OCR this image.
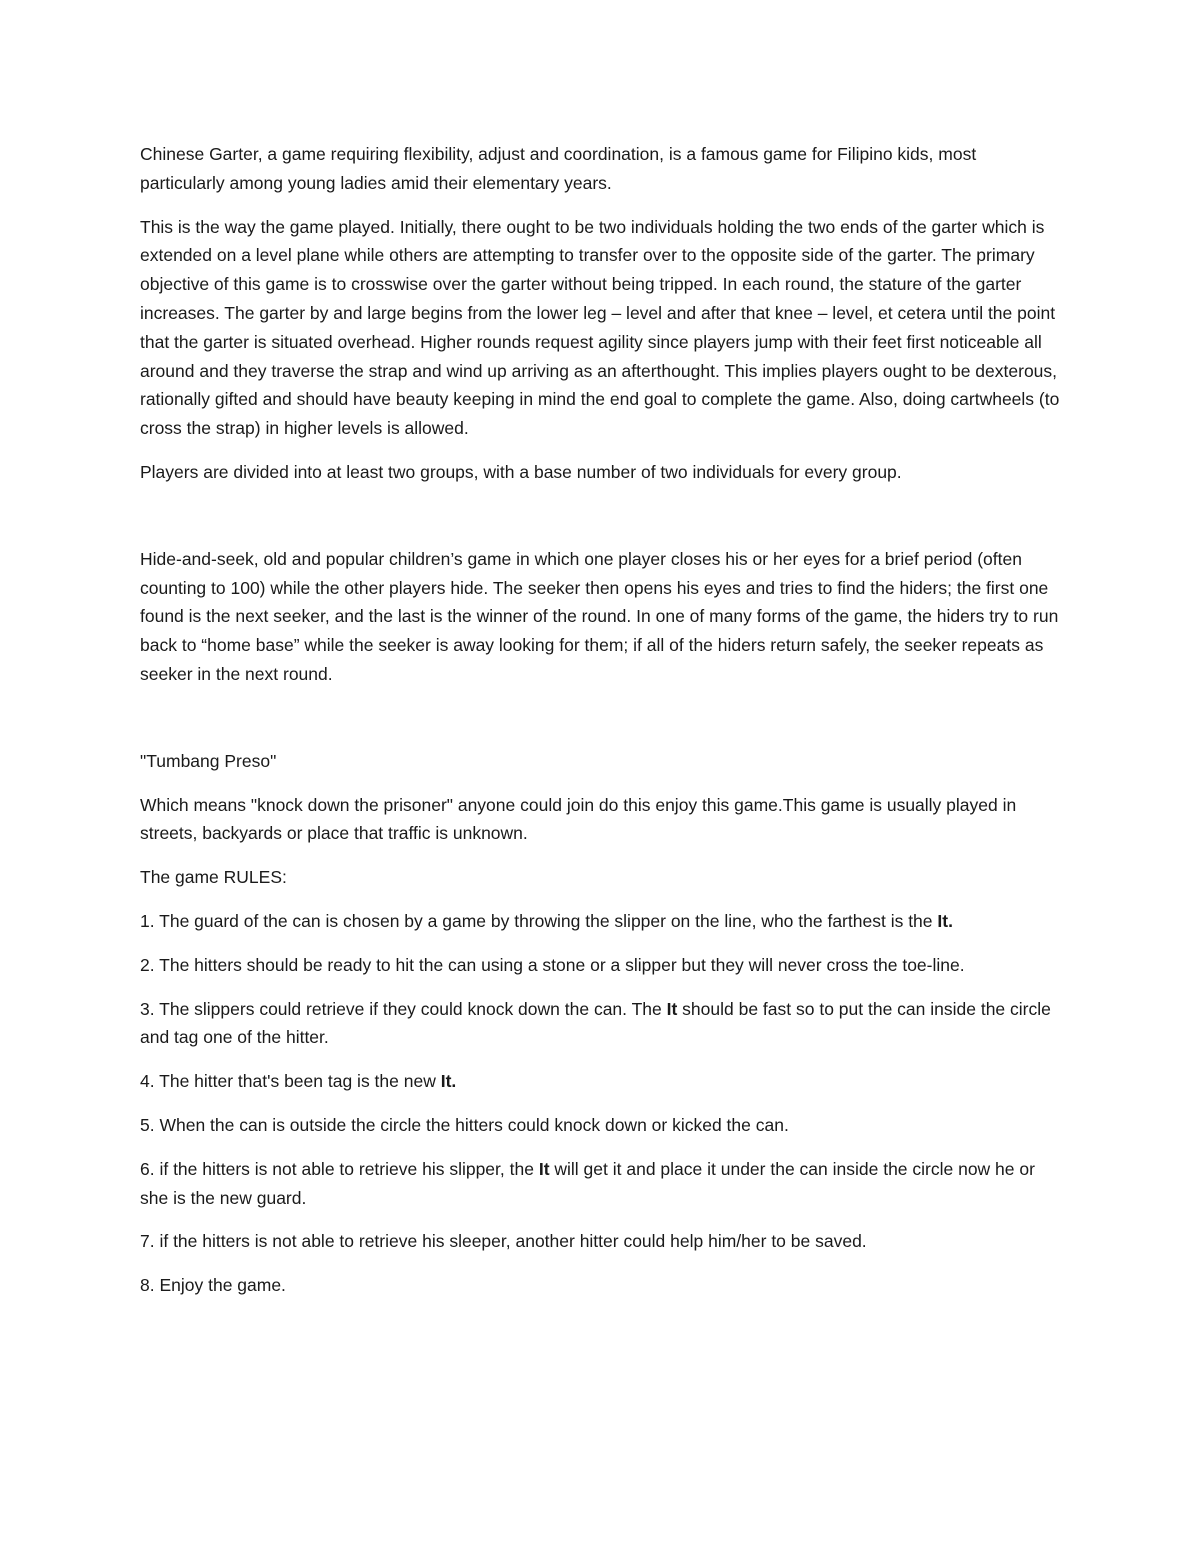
Chinese Garter, a game requiring flexibility, adjust and coordination, is a famous game for Filipino kids, most particularly among young ladies amid their elementary years.

This is the way the game played. Initially, there ought to be two individuals holding the two ends of the garter which is extended on a level plane while others are attempting to transfer over to the opposite side of the garter. The primary objective of this game is to crosswise over the garter without being tripped. In each round, the stature of the garter increases. The garter by and large begins from the lower leg – level and after that knee – level, et cetera until the point that the garter is situated overhead. Higher rounds request agility since players jump with their feet first noticeable all around and they traverse the strap and wind up arriving as an afterthought. This implies players ought to be dexterous, rationally gifted and should have beauty keeping in mind the end goal to complete the game. Also, doing cartwheels (to cross the strap) in higher levels is allowed.

Players are divided into at least two groups, with a base number of two individuals for every group.

Hide-and-seek, old and popular children’s game in which one player closes his or her eyes for a brief period (often counting to 100) while the other players hide. The seeker then opens his eyes and tries to find the hiders; the first one found is the next seeker, and the last is the winner of the round. In one of many forms of the game, the hiders try to run back to “home base” while the seeker is away looking for them; if all of the hiders return safely, the seeker repeats as seeker in the next round.

"Tumbang Preso"

Which means "knock down the prisoner" anyone could join do this enjoy this game.This game is usually played in streets, backyards or place that traffic is unknown.

The game RULES:

1. The guard of the can is chosen by a game by throwing the slipper on the line, who the farthest is the It.

2. The hitters should be ready to hit the can using a stone or a slipper but they will never cross the toe-line.

3. The slippers could retrieve if they could knock down the can. The It should be fast so to put the can inside the circle and tag one of the hitter.

4. The hitter that's been tag is the new It.

5. When the can is outside the circle the hitters could knock down or kicked the can.

6. if the hitters is not able to retrieve his slipper, the It will get it and place it under the can inside the circle now he or she is the new guard.

7. if the hitters is not able to retrieve his sleeper, another hitter could help him/her to be saved.

8. Enjoy the game.
